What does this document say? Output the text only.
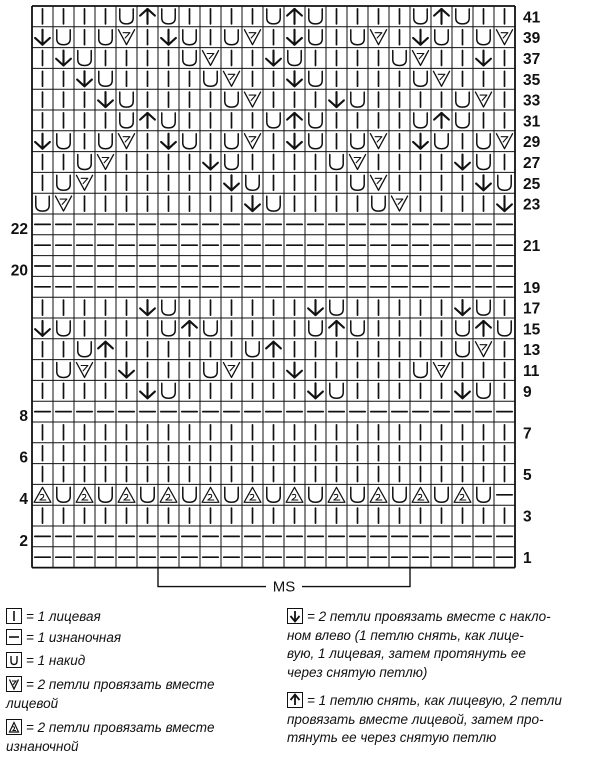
41
39
37
35
33
31
29
27
25
23
21
19
17
15
13
11
9
7
5
3
1
22
20
8
6
4
2
MS
= 1 лицевая
= 1 изнаночная
= 1 накид
= 2 петли провязать вместе
лицевой
= 2 петли провязать вместе
изнаночной
= 2 петли провязать вместе с накло-
ном влево (1 петлю снять, как лице-
вую, 1 лицевая, затем протянуть ее
через снятую петлю)
= 1 петлю снять, как лицевую, 2 петли
провязать вместе лицевой, затем про-
тянуть ее через снятую петлю
